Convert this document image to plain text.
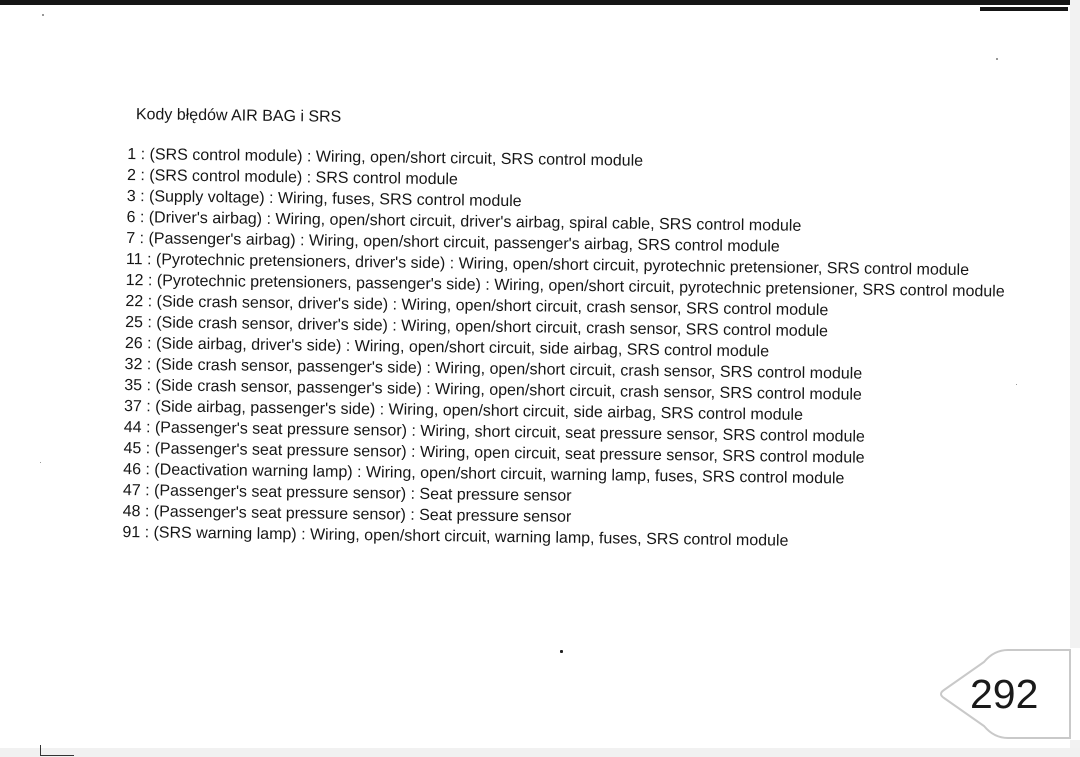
Kody błędów AIR BAG i SRS
1 : (SRS control module) : Wiring, open/short circuit, SRS control module
2 : (SRS control module) : SRS control module
3 : (Supply voltage) : Wiring, fuses, SRS control module
6 : (Driver's airbag) : Wiring, open/short circuit, driver's airbag, spiral cable, SRS control module
7 : (Passenger's airbag) : Wiring, open/short circuit, passenger's airbag, SRS control module
11 : (Pyrotechnic pretensioners, driver's side) : Wiring, open/short circuit, pyrotechnic pretensioner, SRS control module
12 : (Pyrotechnic pretensioners, passenger's side) : Wiring, open/short circuit, pyrotechnic pretensioner, SRS control module
22 : (Side crash sensor, driver's side) : Wiring, open/short circuit, crash sensor, SRS control module
25 : (Side crash sensor, driver's side) : Wiring, open/short circuit, crash sensor, SRS control module
26 : (Side airbag, driver's side) : Wiring, open/short circuit, side airbag, SRS control module
32 : (Side crash sensor, passenger's side) : Wiring, open/short circuit, crash sensor, SRS control module
35 : (Side crash sensor, passenger's side) : Wiring, open/short circuit, crash sensor, SRS control module
37 : (Side airbag, passenger's side) : Wiring, open/short circuit, side airbag, SRS control module
44 : (Passenger's seat pressure sensor) : Wiring, short circuit, seat pressure sensor, SRS control module
45 : (Passenger's seat pressure sensor) : Wiring, open circuit, seat pressure sensor, SRS control module
46 : (Deactivation warning lamp) : Wiring, open/short circuit, warning lamp, fuses, SRS control module
47 : (Passenger's seat pressure sensor) : Seat pressure sensor
48 : (Passenger's seat pressure sensor) : Seat pressure sensor
91 : (SRS warning lamp) : Wiring, open/short circuit, warning lamp, fuses, SRS control module
292
